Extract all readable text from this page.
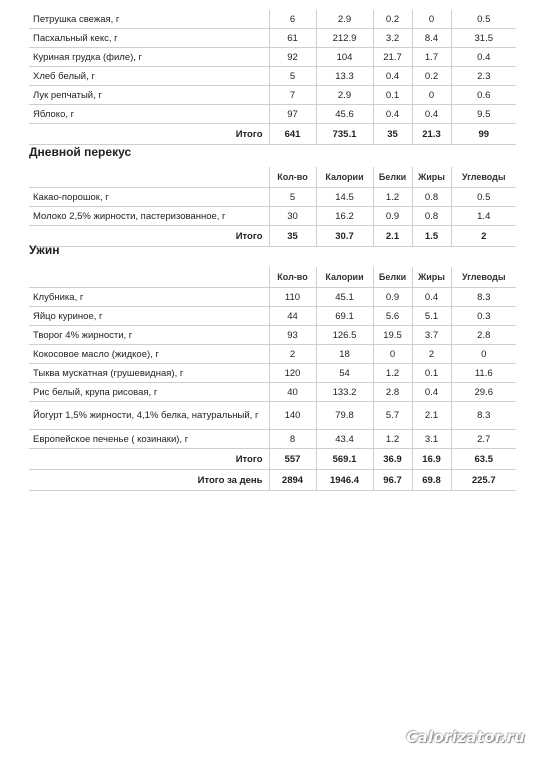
Петрушка свежая, г	6	2.9	0.2	0	0.5
Пасхальный кекс, г	61	212.9	3.2	8.4	31.5
Куриная грудка (филе), г	92	104	21.7	1.7	0.4
Хлеб белый, г	5	13.3	0.4	0.2	2.3
Лук репчатый, г	7	2.9	0.1	0	0.6
Яблоко, г	97	45.6	0.4	0.4	9.5
Итого	641	735.1	35	21.3	99
Дневной перекус
	Кол-во	Калории	Белки	Жиры	Углеводы
Какао-порошок, г	5	14.5	1.2	0.8	0.5
Молоко 2,5% жирности, пастеризованное, г	30	16.2	0.9	0.8	1.4
Итого	35	30.7	2.1	1.5	2
Ужин
	Кол-во	Калории	Белки	Жиры	Углеводы
Клубника, г	110	45.1	0.9	0.4	8.3
Яйцо куриное, г	44	69.1	5.6	5.1	0.3
Творог 4% жирности, г	93	126.5	19.5	3.7	2.8
Кокосовое масло (жидкое), г	2	18	0	2	0
Тыква мускатная (грушевидная), г	120	54	1.2	0.1	11.6
Рис белый, крупа рисовая, г	40	133.2	2.8	0.4	29.6
Йогурт 1,5% жирности, 4,1% белка, натуральный, г	140	79.8	5.7	2.1	8.3
Европейское печенье ( козинаки), г	8	43.4	1.2	3.1	2.7
Итого	557	569.1	36.9	16.9	63.5
Итого за день	2894	1946.4	96.7	69.8	225.7
Calorizator.ru
